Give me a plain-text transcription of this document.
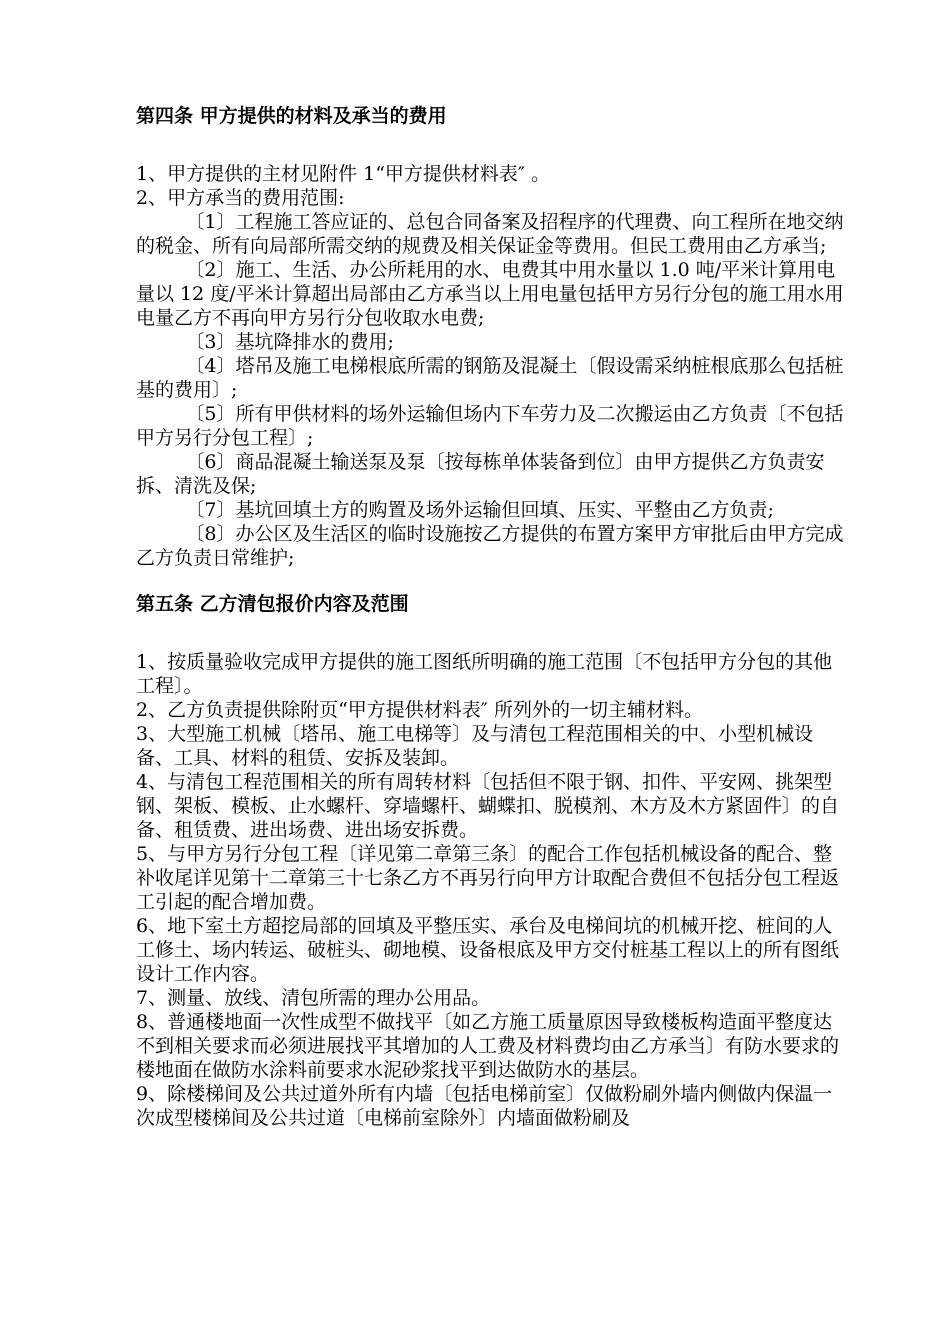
第四条 甲方提供的材料及承当的费用

1、甲方提供的主材见附件 1“甲方提供材料表″ 。

2、甲方承当的费用范围:

〔1〕工程施工答应证的、总包合同备案及招程序的代理费、向工程所在地交纳的税金、所有向局部所需交纳的规费及相关保证金等费用。但民工费用由乙方承当;

〔2〕施工、生活、办公所耗用的水、电费其中用水量以 1.0 吨/平米计算用电量以 12 度/平米计算超出局部由乙方承当以上用电量包括甲方另行分包的施工用水用电量乙方不再向甲方另行分包收取水电费;

〔3〕基坑降排水的费用;

〔4〕塔吊及施工电梯根底所需的钢筋及混凝土〔假设需采纳桩根底那么包括桩基的费用〕;

〔5〕所有甲供材料的场外运输但场内下车劳力及二次搬运由乙方负责〔不包括甲方另行分包工程〕;

〔6〕商品混凝土输送泵及泵〔按每栋单体装备到位〕由甲方提供乙方负责安拆、清洗及保;

〔7〕基坑回填土方的购置及场外运输但回填、压实、平整由乙方负责;

〔8〕办公区及生活区的临时设施按乙方提供的布置方案甲方审批后由甲方完成乙方负责日常维护;

第五条 乙方清包报价内容及范围

1、按质量验收完成甲方提供的施工图纸所明确的施工范围〔不包括甲方分包的其他工程〕。

2、乙方负责提供除附页“甲方提供材料表″ 所列外的一切主辅材料。

3、大型施工机械〔塔吊、施工电梯等〕及与清包工程范围相关的中、小型机械设备、工具、材料的租赁、安拆及装卸。

4、与清包工程范围相关的所有周转材料〔包括但不限于钢、扣件、平安网、挑架型钢、架板、模板、止水螺杆、穿墙螺杆、蝴蝶扣、脱模剂、木方及木方紧固件〕的自备、租赁费、进出场费、进出场安拆费。

5、与甲方另行分包工程〔详见第二章第三条〕的配合工作包括机械设备的配合、整补收尾详见第十二章第三十七条乙方不再另行向甲方计取配合费但不包括分包工程返工引起的配合增加费。

6、地下室土方超挖局部的回填及平整压实、承台及电梯间坑的机械开挖、桩间的人工修土、场内转运、破桩头、砌地模、设备根底及甲方交付桩基工程以上的所有图纸设计工作内容。

7、测量、放线、清包所需的理办公用品。

8、普通楼地面一次性成型不做找平〔如乙方施工质量原因导致楼板构造面平整度达不到相关要求而必须进展找平其增加的人工费及材料费均由乙方承当〕有防水要求的楼地面在做防水涂料前要求水泥砂浆找平到达做防水的基层。

9、除楼梯间及公共过道外所有内墙〔包括电梯前室〕仅做粉刷外墙内侧做内保温一次成型楼梯间及公共过道〔电梯前室除外〕内墙面做粉刷及
